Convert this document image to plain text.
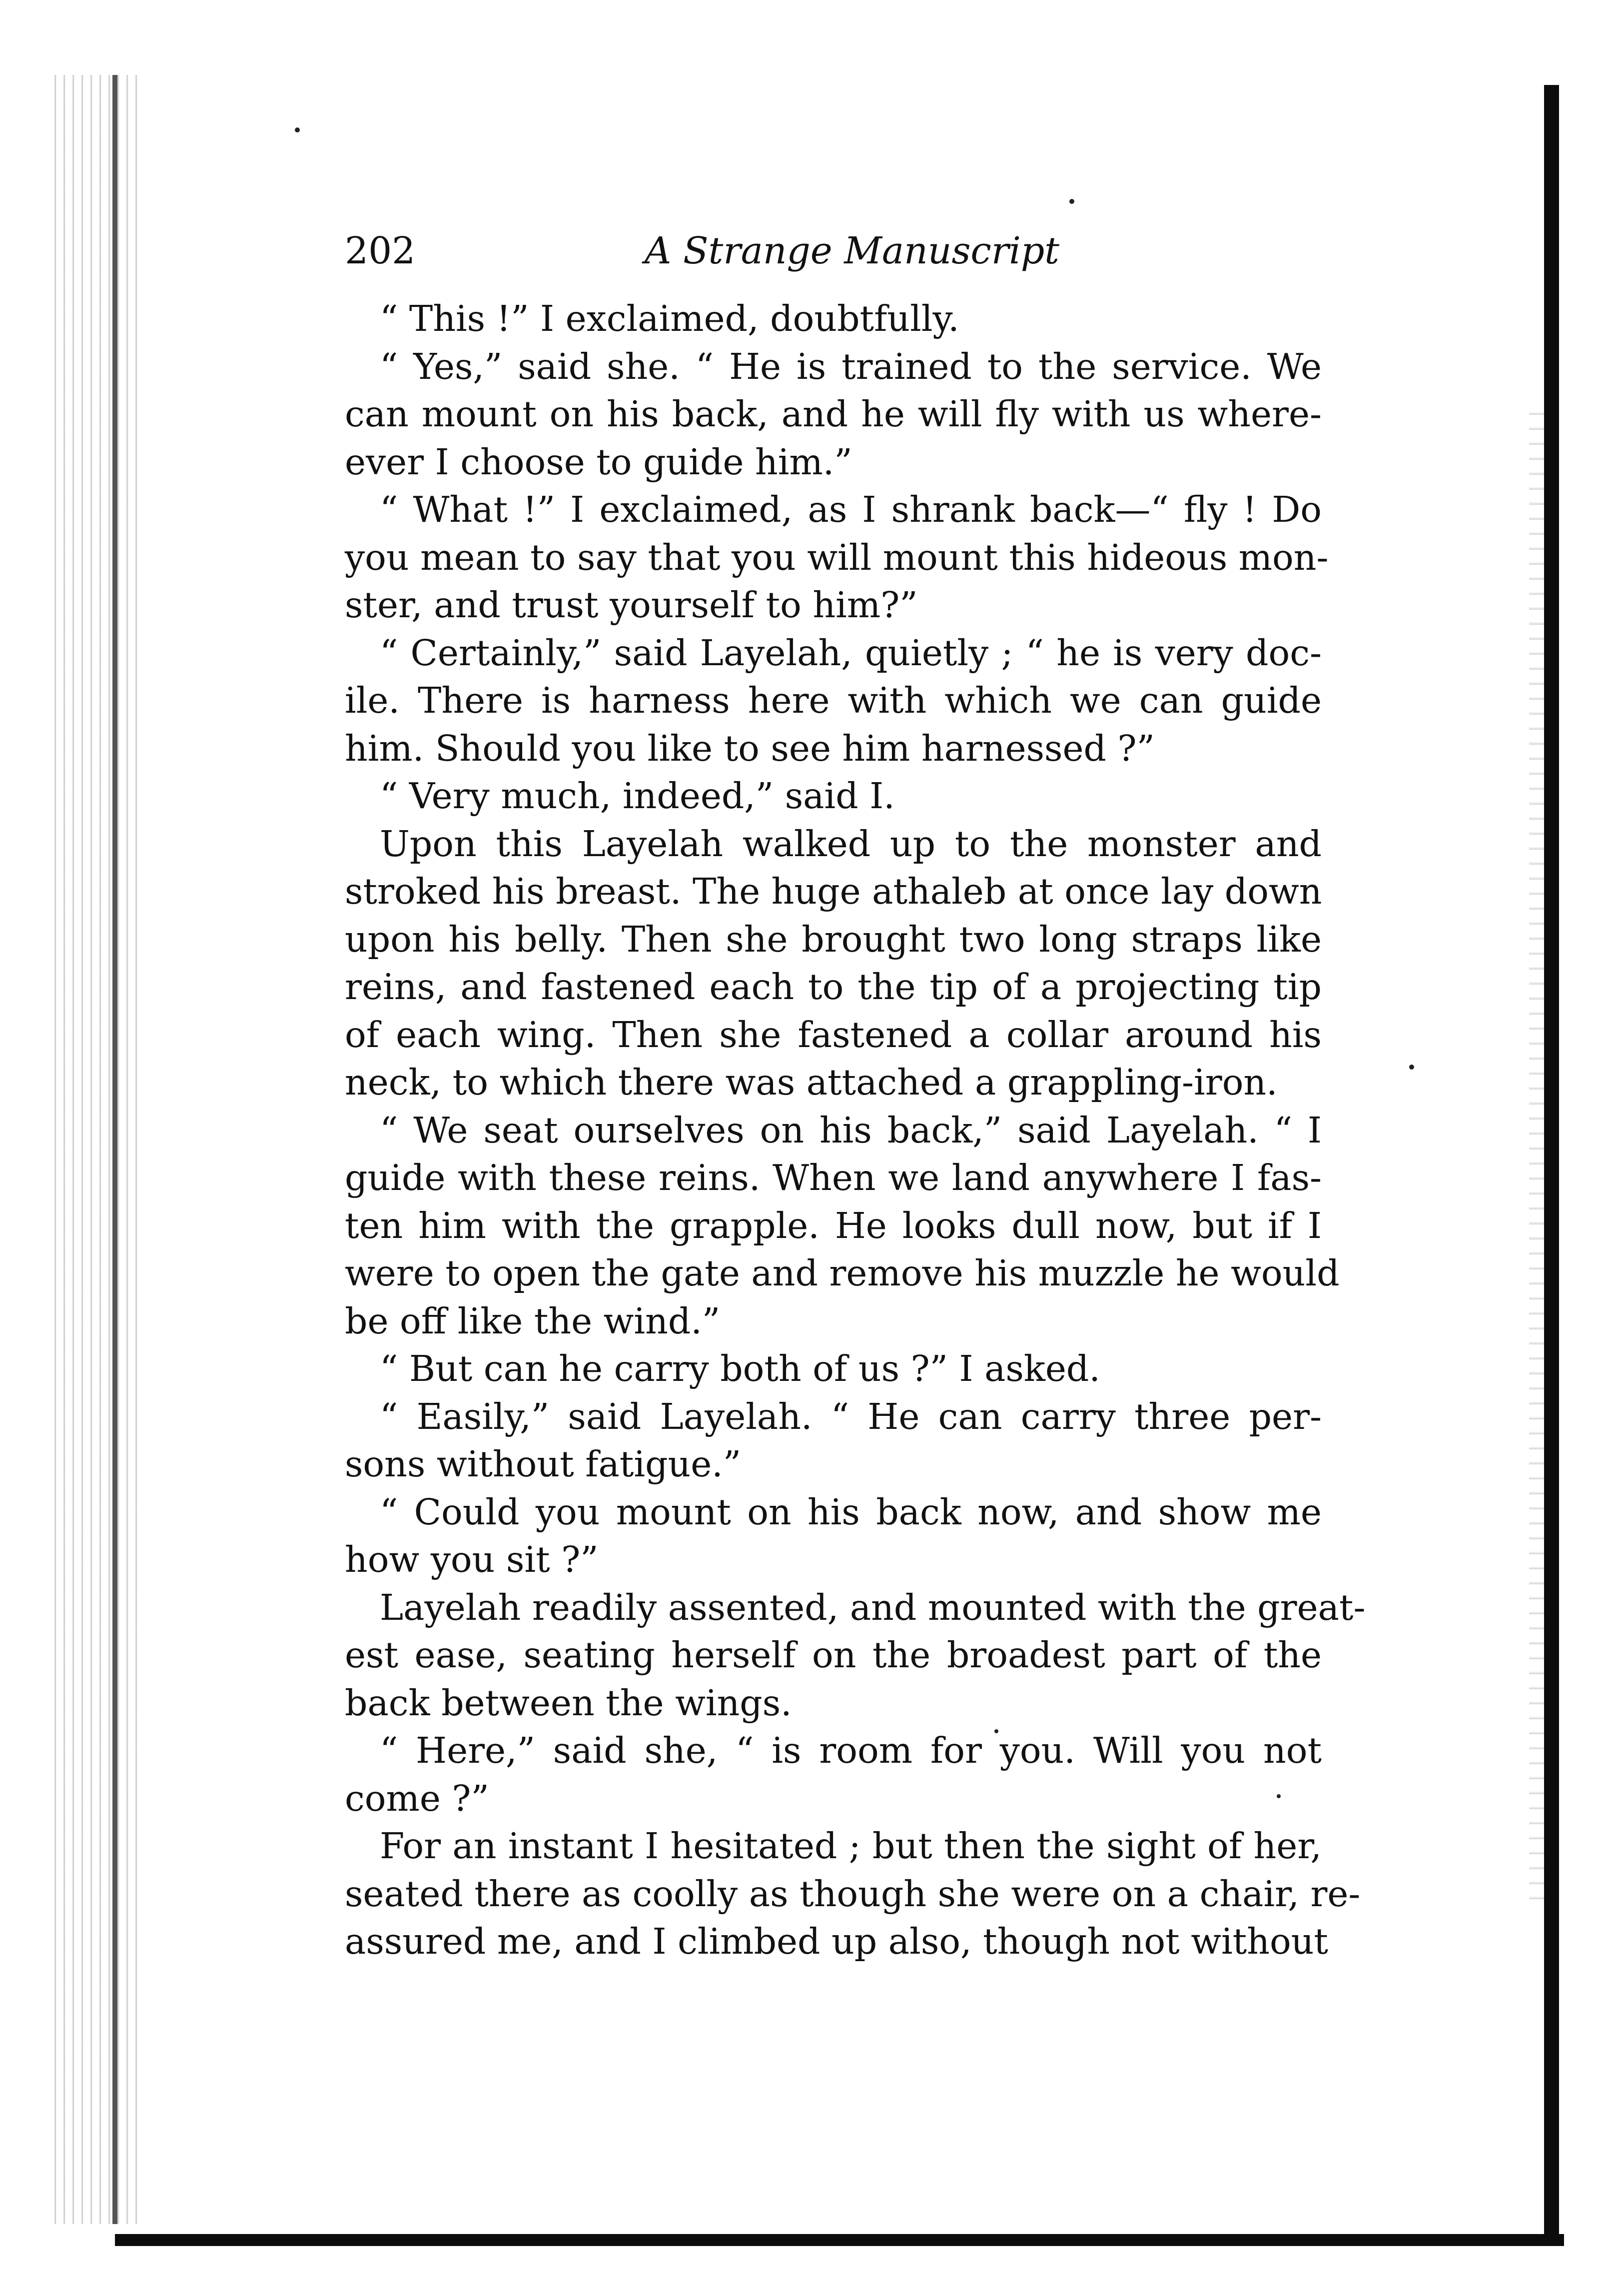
202	A Strange Manuscript
“ This !” I exclaimed, doubtfully.
“ Yes,” said she. “ He is trained to the service. We
can mount on his back, and he will fly with us where-
ever I choose to guide him.”
“ What !” I exclaimed, as I shrank back—“ fly ! Do
you mean to say that you will mount this hideous mon-
ster, and trust yourself to him?”
“ Certainly,” said Layelah, quietly ; “ he is very doc-
ile. There is harness here with which we can guide
him. Should you like to see him harnessed ?”
“ Very much, indeed,” said I.
Upon this Layelah walked up to the monster and
stroked his breast. The huge athaleb at once lay down
upon his belly. Then she brought two long straps like
reins, and fastened each to the tip of a projecting tip
of each wing. Then she fastened a collar around his
neck, to which there was attached a grappling-iron.
“ We seat ourselves on his back,” said Layelah. “ I
guide with these reins. When we land anywhere I fas-
ten him with the grapple. He looks dull now, but if I
were to open the gate and remove his muzzle he would
be off like the wind.”
“ But can he carry both of us ?” I asked.
“ Easily,” said Layelah. “ He can carry three per-
sons without fatigue.”
“ Could you mount on his back now, and show me
how you sit ?”
Layelah readily assented, and mounted with the great-
est ease, seating herself on the broadest part of the
back between the wings.
“ Here,” said she, “ is room for you. Will you not
come ?”
For an instant I hesitated ; but then the sight of her,
seated there as coolly as though she were on a chair, re-
assured me, and I climbed up also, though not without
